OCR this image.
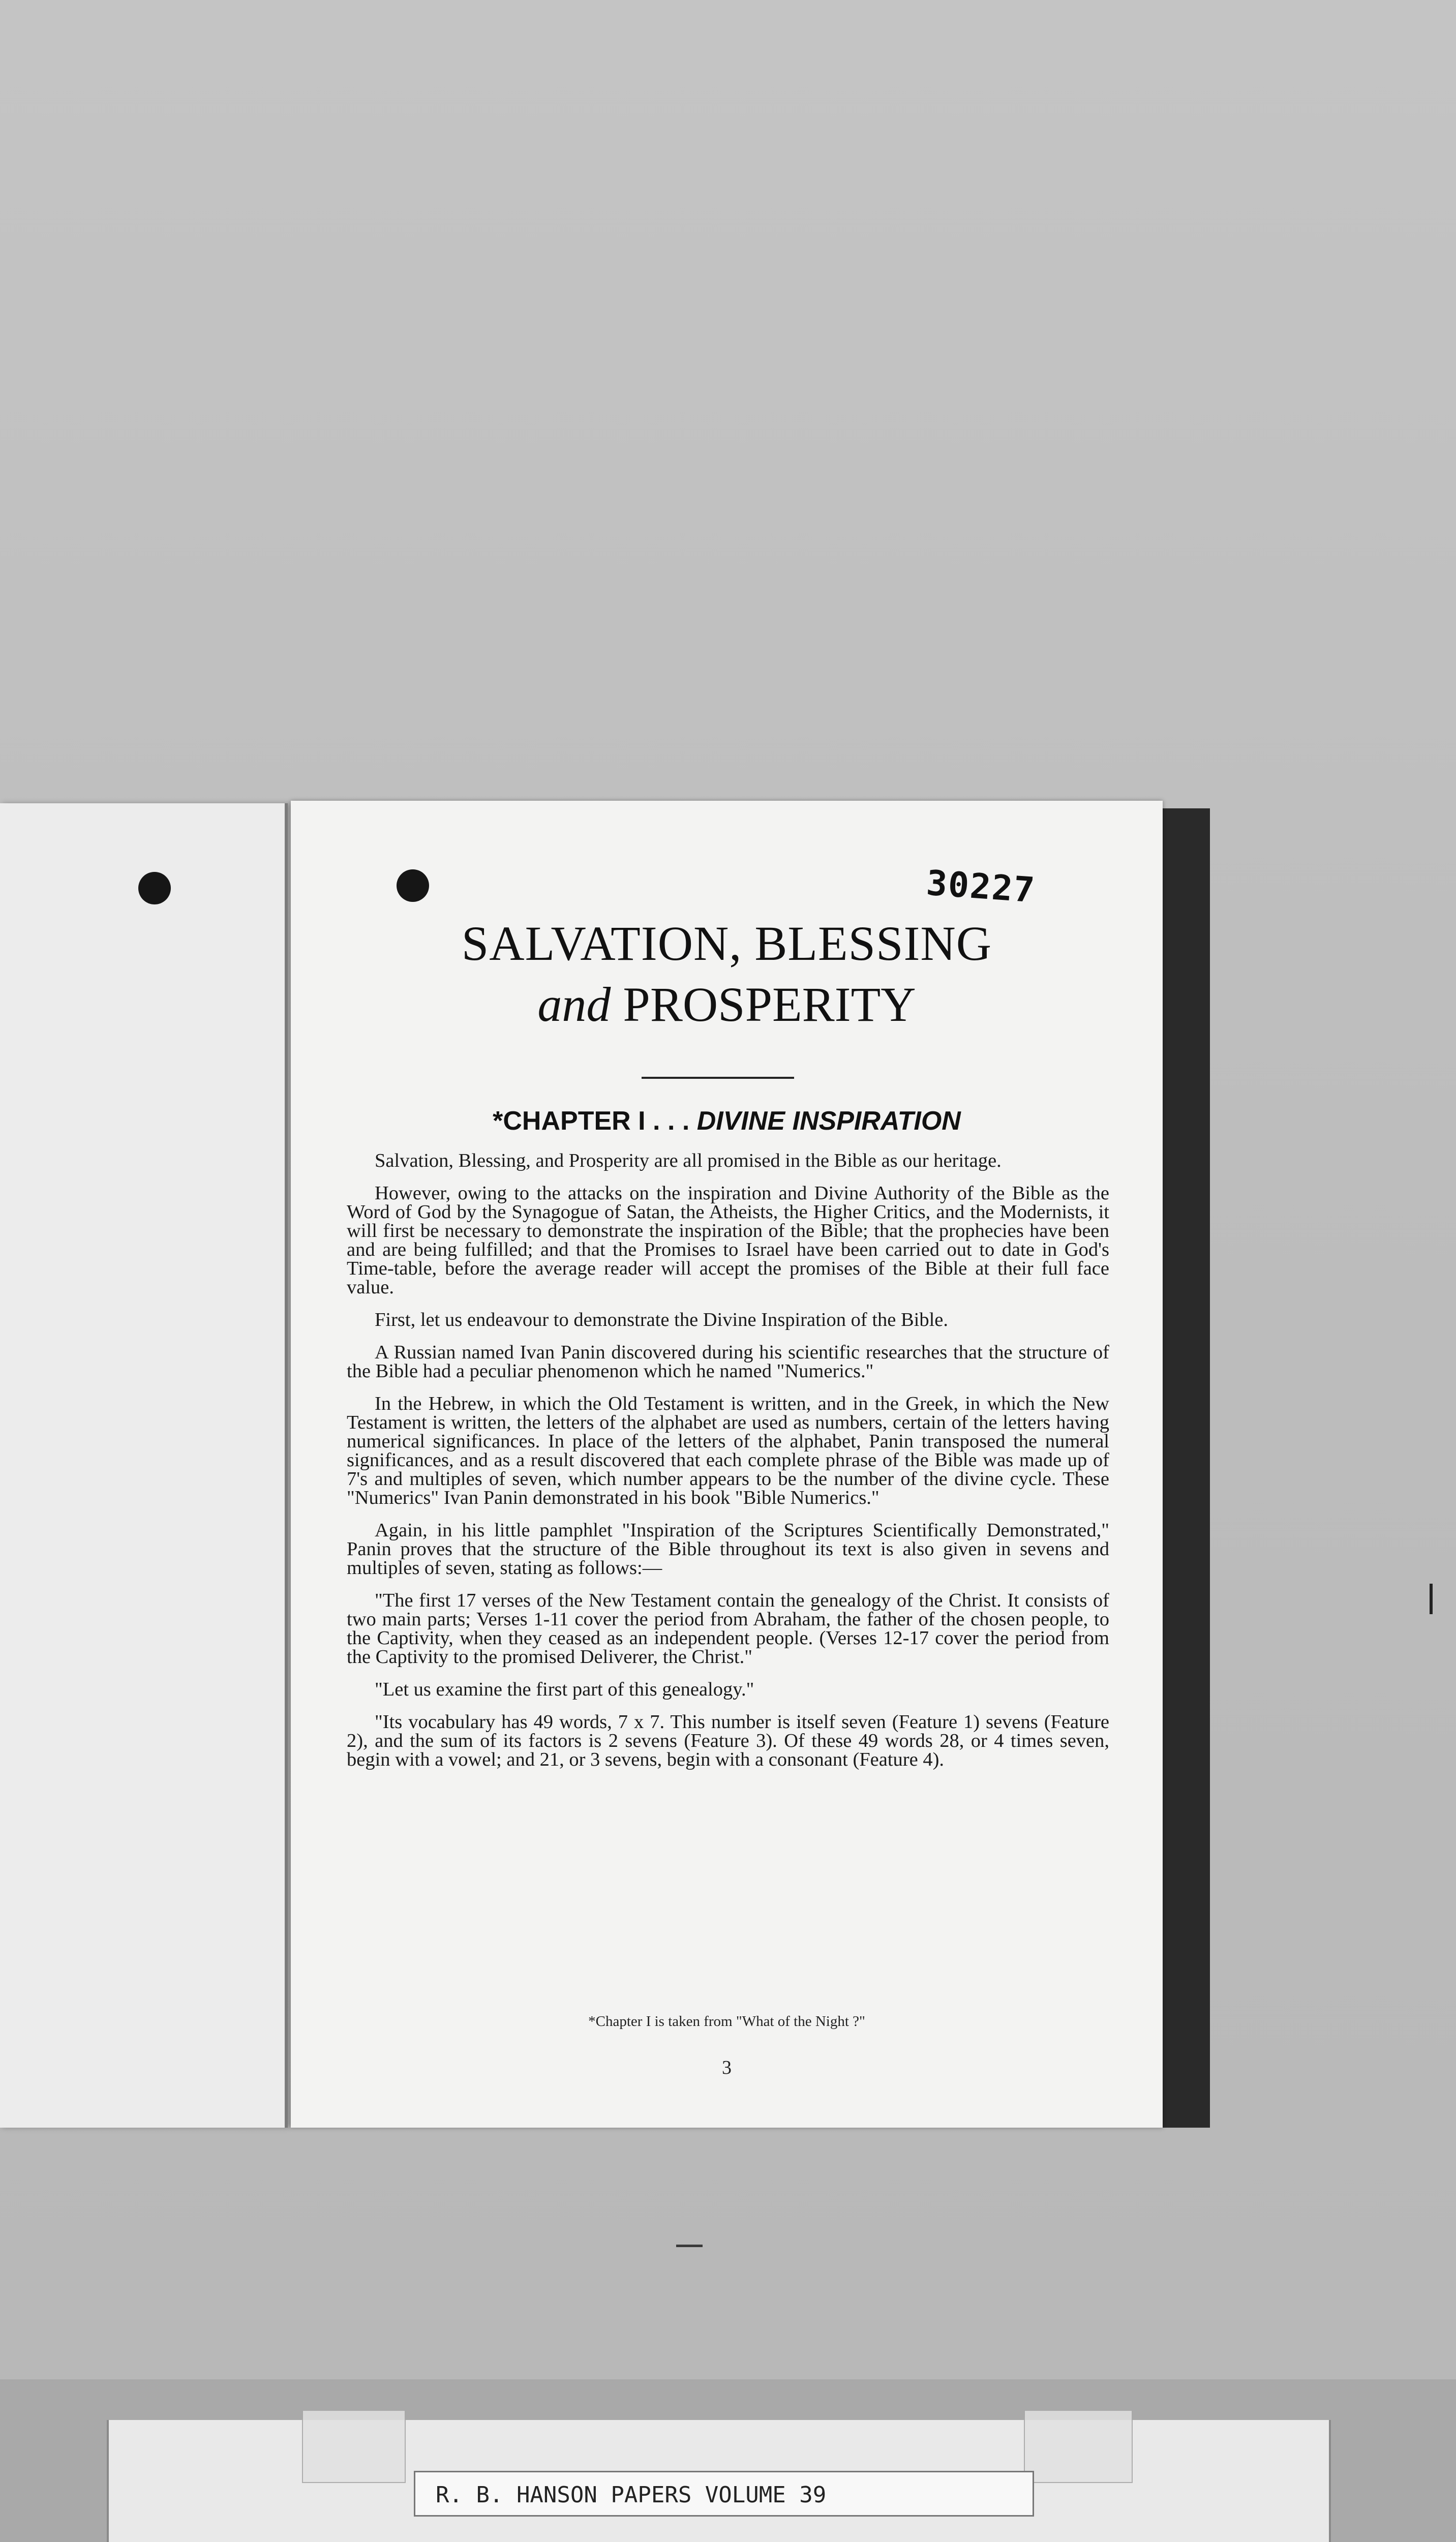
30227
SALVATION, BLESSING
and PROSPERITY
*CHAPTER I . . . DIVINE INSPIRATION

Salvation, Blessing, and Prosperity are all promised in the Bible as our heritage.

However, owing to the attacks on the inspiration and Divine Authority of the Bible as the Word of God by the Synagogue of Satan, the Atheists, the Higher Critics, and the Modernists, it will first be necessary to demonstrate the inspiration of the Bible; that the prophecies have been and are being fulfilled; and that the Promises to Israel have been carried out to date in God's Time-table, before the average reader will accept the promises of the Bible at their full face value.

First, let us endeavour to demonstrate the Divine Inspiration of the Bible.

A Russian named Ivan Panin discovered during his scientific researches that the structure of the Bible had a peculiar phenomenon which he named "Numerics."

In the Hebrew, in which the Old Testament is written, and in the Greek, in which the New Testament is written, the letters of the alphabet are used as numbers, certain of the letters having numerical significances. In place of the letters of the alphabet, Panin transposed the numeral significances, and as a result discovered that each complete phrase of the Bible was made up of 7's and multiples of seven, which number appears to be the number of the divine cycle. These "Numerics" Ivan Panin demonstrated in his book "Bible Numerics."

Again, in his little pamphlet "Inspiration of the Scriptures Scientifically Demonstrated," Panin proves that the structure of the Bible throughout its text is also given in sevens and multiples of seven, stating as follows:—

"The first 17 verses of the New Testament contain the genealogy of the Christ. It consists of two main parts; Verses 1-11 cover the period from Abraham, the father of the chosen people, to the Captivity, when they ceased as an independent people. (Verses 12-17 cover the period from the Captivity to the promised Deliverer, the Christ."

"Let us examine the first part of this genealogy."

"Its vocabulary has 49 words, 7 x 7. This number is itself seven (Feature 1) sevens (Feature 2), and the sum of its factors is 2 sevens (Feature 3). Of these 49 words 28, or 4 times seven, begin with a vowel; and 21, or 3 sevens, begin with a consonant (Feature 4).

*Chapter I is taken from "What of the Night ?"
3
R. B. HANSON PAPERS VOLUME 39
